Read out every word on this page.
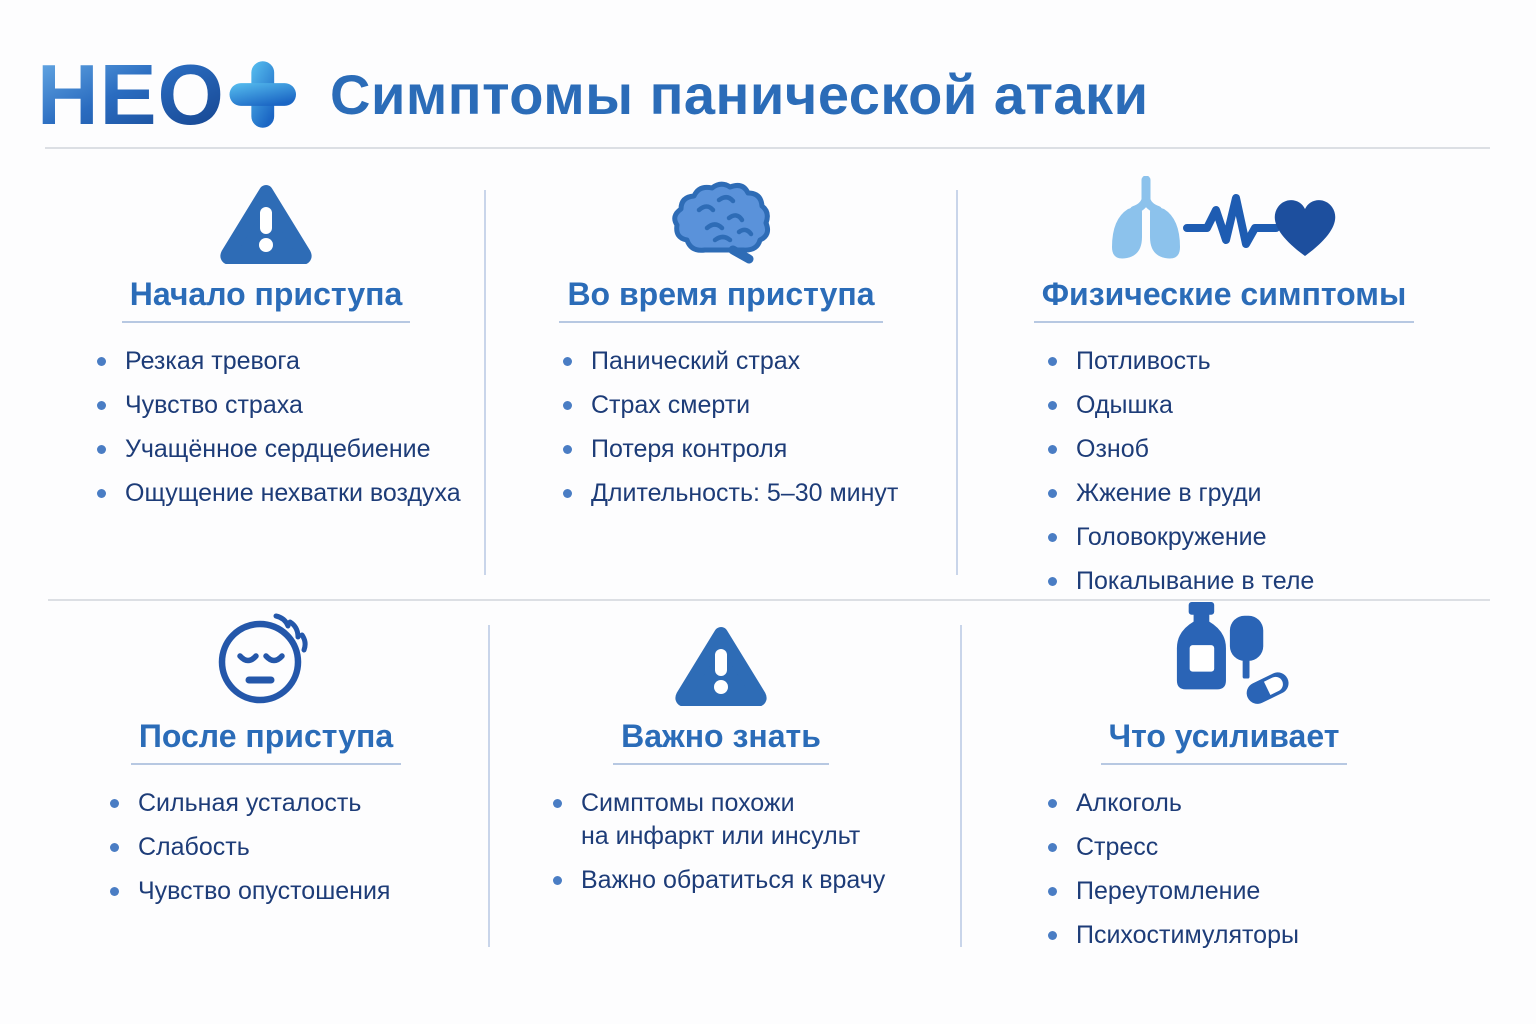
НЕО Симптомы панической атаки
Начало приступа
Резкая тревога
Чувство страха
Учащённое сердцебиение
Ощущение нехватки воздуха
Во время приступа
Панический страх
Страх смерти
Потеря контроля
Длительность: 5–30 минут
Физические симптомы
Потливость
Одышка
Озноб
Жжение в груди
Головокружение
Покалывание в теле
После приступа
Сильная усталость
Слабость
Чувство опустошения
Важно знать
Симптомы похожи
на инфаркт или инсульт
Важно обратиться к врачу
Что усиливает
Алкоголь
Стресс
Переутомление
Психостимуляторы
